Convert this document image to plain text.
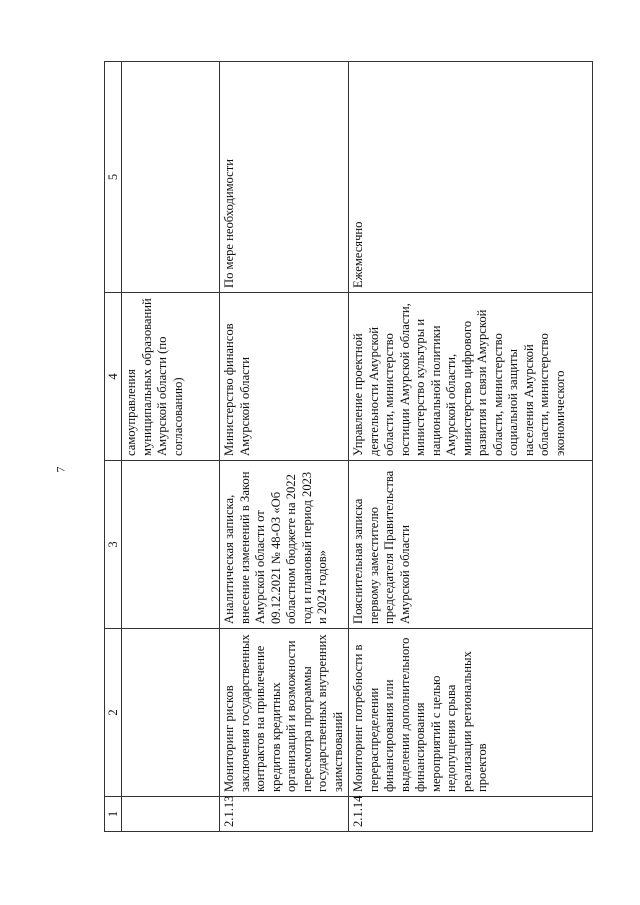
7
1	2	3	4	5
			самоуправления муниципальных образований Амурской области (по согласованию)	
2.1.13	Мониторинг рисков заключения государственных контрактов на привлечение кредитов кредитных организаций и возможности пересмотра программы государственных внутренних заимствований	Аналитическая записка, внесение изменений в Закон Амурской области от 09.12.2021 № 48-ОЗ «Об областном бюджете на 2022 год и плановый период 2023 и 2024 годов»	Министерство финансов Амурской области	По мере необходимости
2.1.14	Мониторинг потребности в перераспределении финансирования или выделении дополнительного финансирования мероприятий с целью недопущения срыва реализации региональных проектов	Пояснительная записка первому заместителю председателя Правительства Амурской области	Управление проектной деятельности Амурской области, министерство юстиции Амурской области, министерство культуры и национальной политики Амурской области, министерство цифрового развития и связи Амурской области, министерство социальной защиты населения Амурской области, министерство экономического	Ежемесячно
